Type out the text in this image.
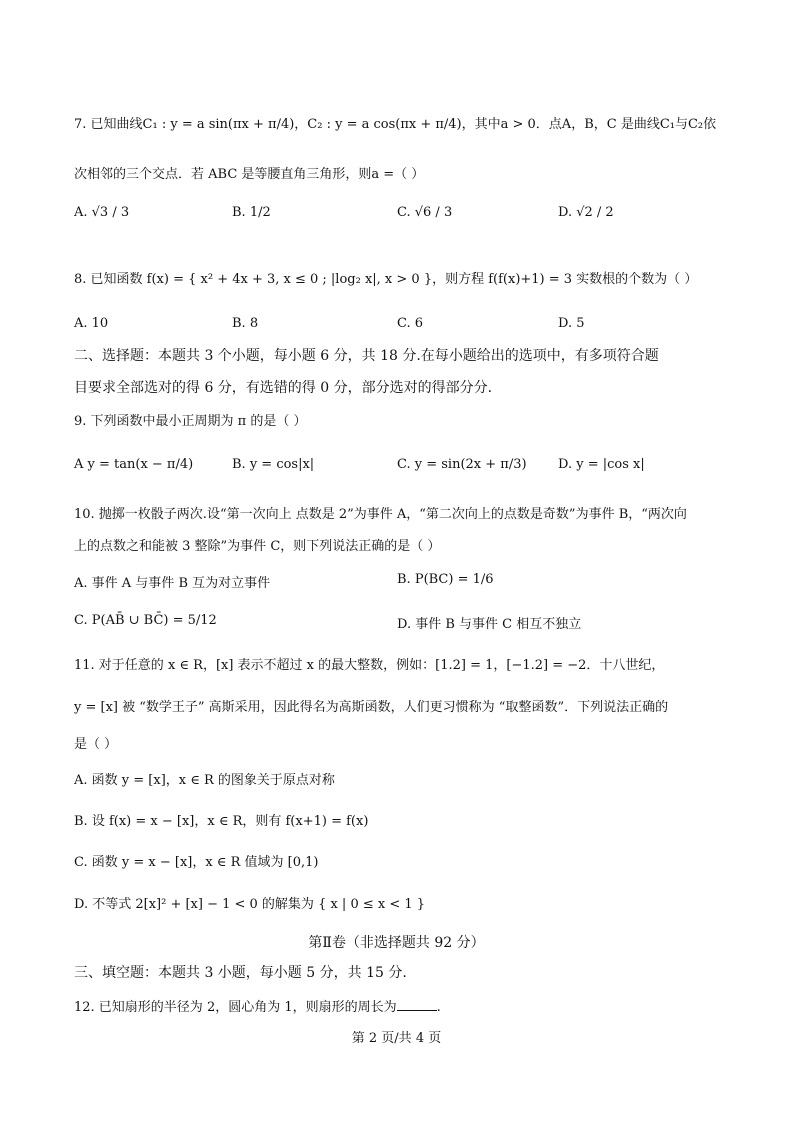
7. 已知曲线C₁ : y = a sin(πx + π/4)，C₂ : y = a cos(πx + π/4)，其中a > 0．点A，B，C 是曲线C₁与C₂依
次相邻的三个交点．若 ABC 是等腰直角三角形，则a =（ ）
A. √3 / 3	B. 1/2	C. √6 / 3	D. √2 / 2
8. 已知函数 f(x) = { x² + 4x + 3, x ≤ 0 ; |log₂ x|, x > 0 }，则方程 f(f(x)+1) = 3 实数根的个数为（ ）
A. 10	B. 8	C. 6	D. 5
二、选择题：本题共 3 个小题，每小题 6 分，共 18 分.在每小题给出的选项中，有多项符合题
目要求全部选对的得 6 分，有选错的得 0 分，部分选对的得部分分.
9. 下列函数中最小正周期为 π 的是（ ）
A y = tan(x − π/4)	B. y = cos|x|	C. y = sin(2x + π/3) D. y = |cos x|
10. 抛掷一枚骰子两次.设“第一次向上 点数是 2”为事件 A，“第二次向上的点数是奇数”为事件 B，“两次向
上的点数之和能被 3 整除”为事件 C，则下列说法正确的是（ ）
A. 事件 A 与事件 B 互为对立事件	B. P(BC) = 1/6
C. P(AB̄ ∪ BC̄) = 5/12	D. 事件 B 与事件 C 相互不独立
11. 对于任意的 x ∈ R，[x] 表示不超过 x 的最大整数，例如：[1.2] = 1，[−1.2] = −2．十八世纪，
y = [x] 被 “数学王子” 高斯采用，因此得名为高斯函数，人们更习惯称为 “取整函数”．下列说法正确的
是（ ）
A. 函数 y = [x]，x ∈ R 的图象关于原点对称
B. 设 f(x) = x − [x]，x ∈ R，则有 f(x+1) = f(x)
C. 函数 y = x − [x]，x ∈ R 值域为 [0,1)
D. 不等式 2[x]² + [x] − 1 < 0 的解集为 { x | 0 ≤ x < 1 }
第Ⅱ卷（非选择题共 92 分）
三、填空题：本题共 3 小题，每小题 5 分，共 15 分.
12. 已知扇形的半径为 2，圆心角为 1，则扇形的周长为	.
第 2 页/共 4 页
